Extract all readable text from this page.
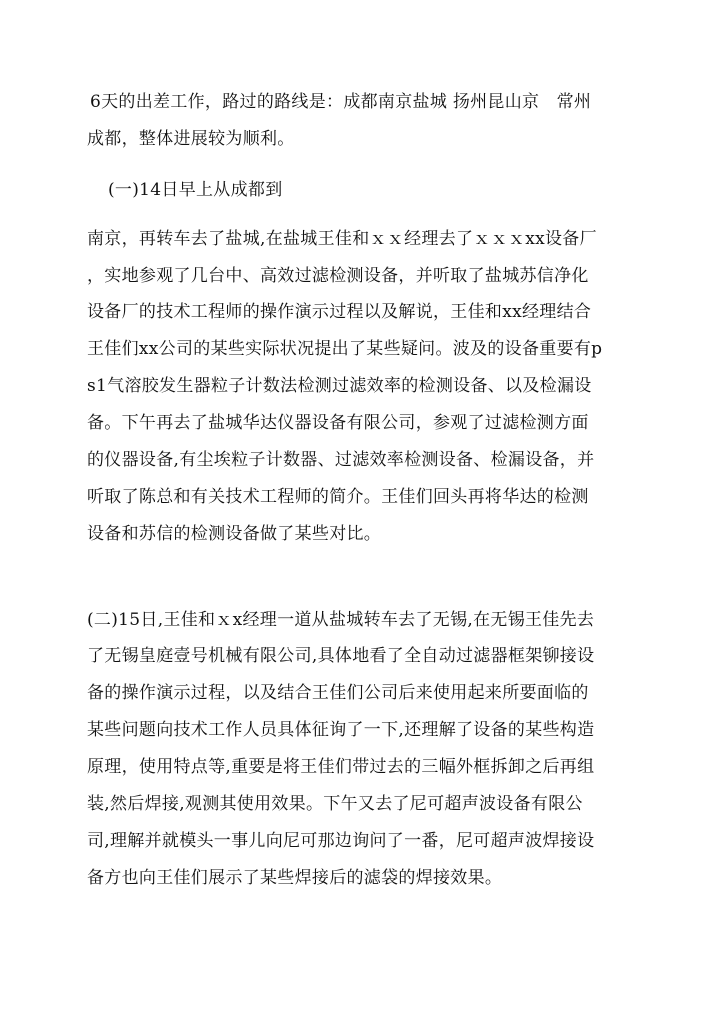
6天的出差工作，路过的路线是：成都南京盐城 扬州昆山京　常州
成都，整体进展较为顺利。
(一)14日早上从成都到
南京，再转车去了盐城,在盐城王佳和ｘｘ经理去了ｘｘｘxx设备厂
，实地参观了几台中、高效过滤检测设备，并听取了盐城苏信净化
设备厂的技术工程师的操作演示过程以及解说，王佳和xx经理结合
王佳们xx公司的某些实际状况提出了某些疑问。波及的设备重要有p
s1气溶胶发生器粒子计数法检测过滤效率的检测设备、以及检漏设
备。下午再去了盐城华达仪器设备有限公司，参观了过滤检测方面
的仪器设备,有尘埃粒子计数器、过滤效率检测设备、检漏设备，并
听取了陈总和有关技术工程师的简介。王佳们回头再将华达的检测
设备和苏信的检测设备做了某些对比。
(二)15日,王佳和ｘx经理一道从盐城转车去了无锡,在无锡王佳先去
了无锡皇庭壹号机械有限公司,具体地看了全自动过滤器框架铆接设
备的操作演示过程，以及结合王佳们公司后来使用起来所要面临的
某些问题向技术工作人员具体征询了一下,还理解了设备的某些构造
原理，使用特点等,重要是将王佳们带过去的三幅外框拆卸之后再组
装,然后焊接,观测其使用效果。下午又去了尼可超声波设备有限公
司,理解并就模头一事儿向尼可那边询问了一番，尼可超声波焊接设
备方也向王佳们展示了某些焊接后的滤袋的焊接效果。
